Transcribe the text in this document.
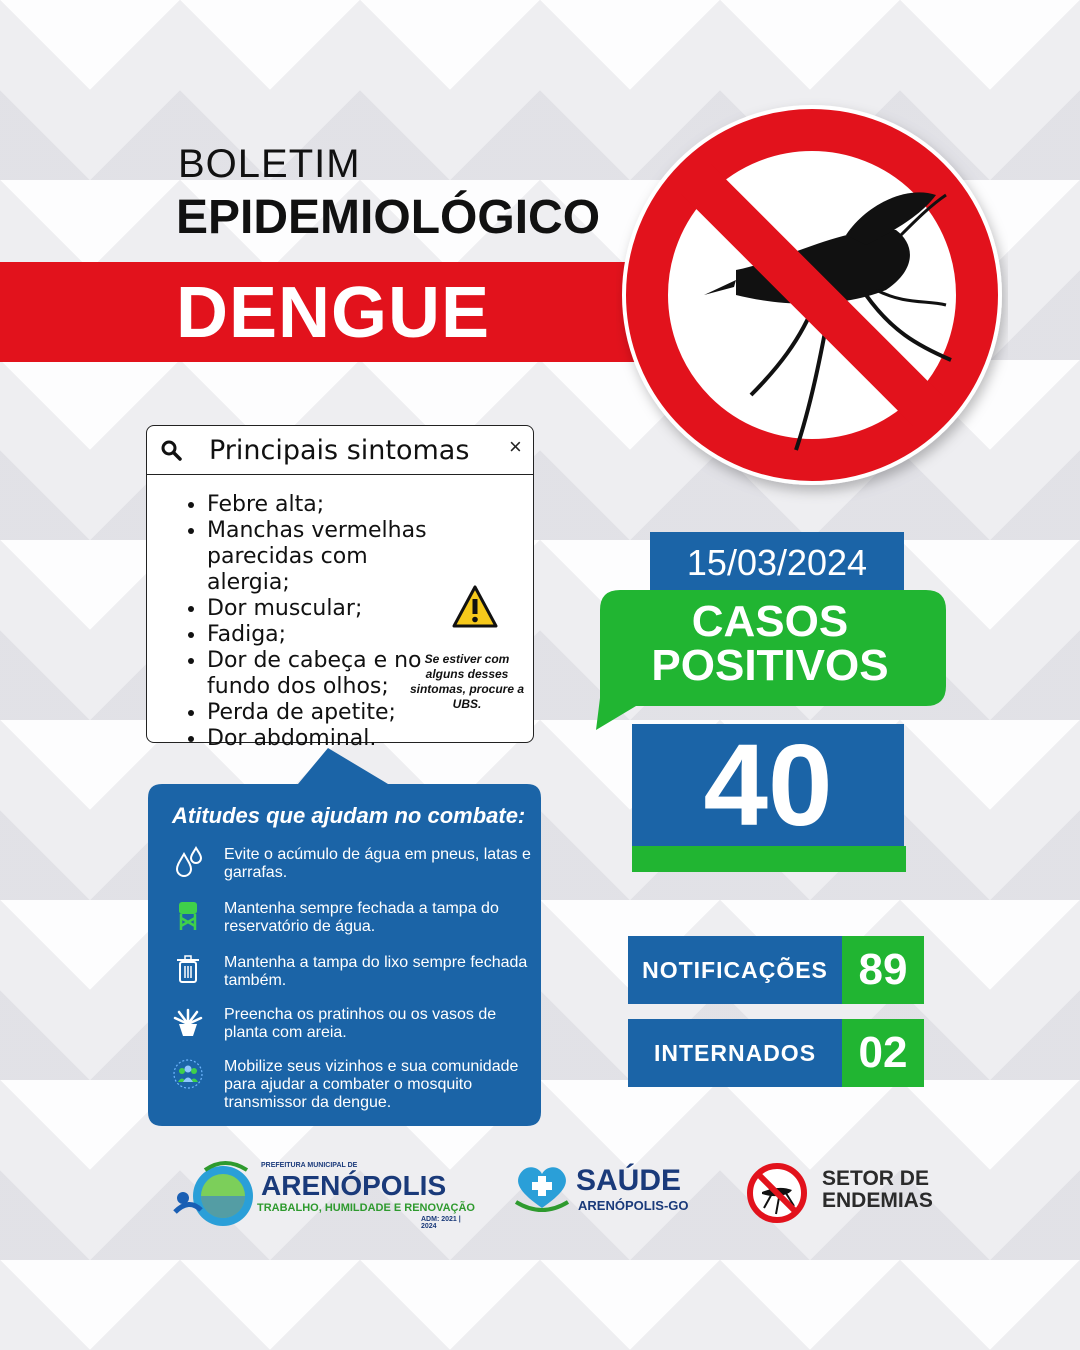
BOLETIM
EPIDEMIOLÓGICO
DENGUE
Principais sintomas ×
• Febre alta;
• Manchas vermelhas parecidas com alergia;
• Dor muscular;
• Fadiga;
• Dor de cabeça e no fundo dos olhos;
• Perda de apetite;
• Dor abdominal.
Se estiver com alguns desses sintomas, procure a UBS.
Atitudes que ajudam no combate:
Evite o acúmulo de água em pneus, latas e garrafas.
Mantenha sempre fechada a tampa do reservatório de água.
Mantenha a tampa do lixo sempre fechada também.
Preencha os pratinhos ou os vasos de planta com areia.
Mobilize seus vizinhos e sua comunidade para ajudar a combater o mosquito transmissor da dengue.
15/03/2024
CASOS
POSITIVOS
40
NOTIFICAÇÕES 89
INTERNADOS 02
PREFEITURA MUNICIPAL DE
ARENÓPOLIS
TRABALHO, HUMILDADE E RENOVAÇÃO
ADM: 2021 | 2024
SAÚDE
ARENÓPOLIS-GO
SETOR DE
ENDEMIAS
